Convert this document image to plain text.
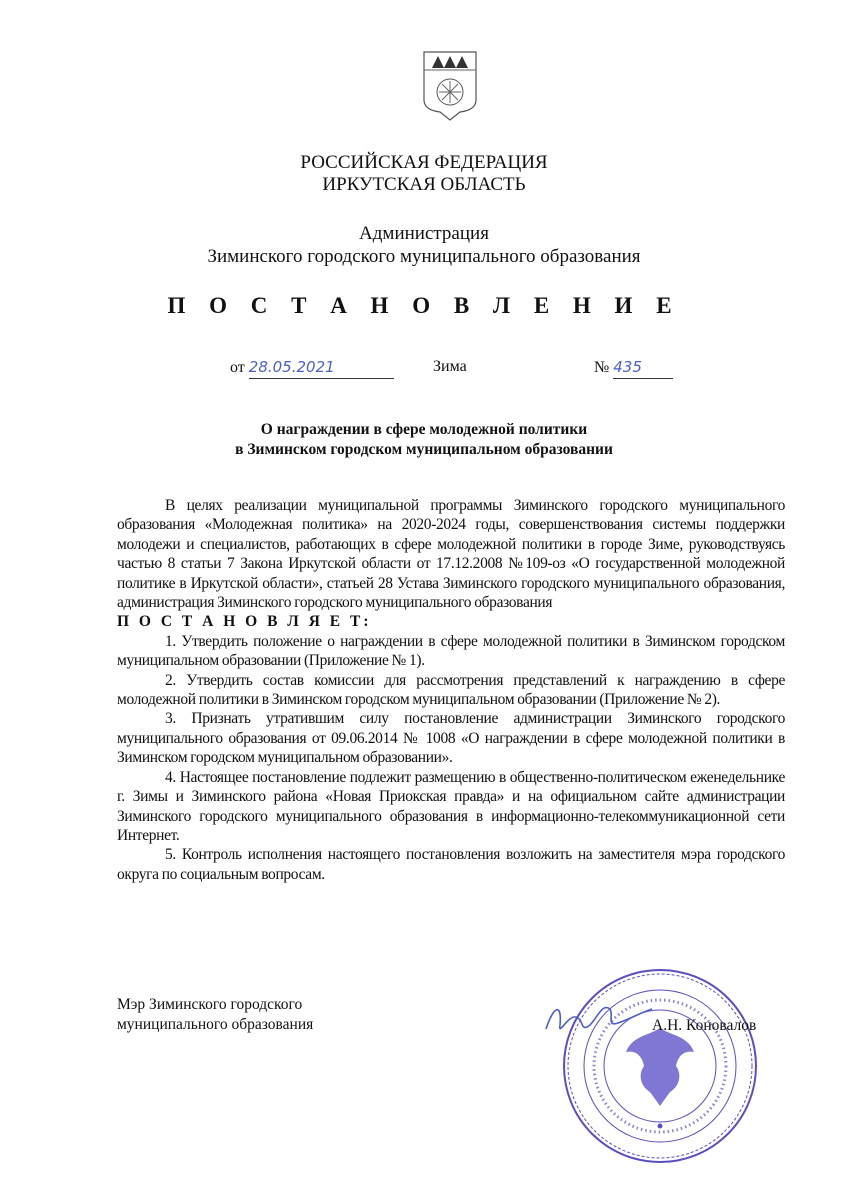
РОССИЙСКАЯ ФЕДЕРАЦИЯ
ИРКУТСКАЯ ОБЛАСТЬ
Администрация
Зиминского городского муниципального образования
П О С Т А Н О В Л Е Н И Е
от 28.05.2021	Зима	№ 435
О награждении в сфере молодежной политики
в Зиминском городском муниципальном образовании

В целях реализации муниципальной программы Зиминского городского муниципального образования «Молодежная политика» на 2020-2024 годы, совершенствования системы поддержки молодежи и специалистов, работающих в сфере молодежной политики в городе Зиме, руководствуясь частью 8 статьи 7 Закона Иркутской области от 17.12.2008 №109-оз «О государственной молодежной политике в Иркутской области», статьей 28 Устава Зиминского городского муниципального образования, администрация Зиминского городского муниципального образования

П О С Т А Н О В Л Я Е Т:

1. Утвердить положение о награждении в сфере молодежной политики в Зиминском городском муниципальном образовании (Приложение № 1).

2. Утвердить состав комиссии для рассмотрения представлений к награждению в сфере молодежной политики в Зиминском городском муниципальном образовании (Приложение № 2).

3. Признать утратившим силу постановление администрации Зиминского городского муниципального образования от 09.06.2014 № 1008 «О награждении в сфере молодежной политики в Зиминском городском муниципальном образовании».

4. Настоящее постановление подлежит размещению в общественно-политическом еженедельнике г. Зимы и Зиминского района «Новая Приокская правда» и на официальном сайте администрации Зиминского городского муниципального образования в информационно-телекоммуникационной сети Интернет.

5. Контроль исполнения настоящего постановления возложить на заместителя мэра городского округа по социальным вопросам.

Мэр Зиминского городского
муниципального образования	А.Н. Коновалов
